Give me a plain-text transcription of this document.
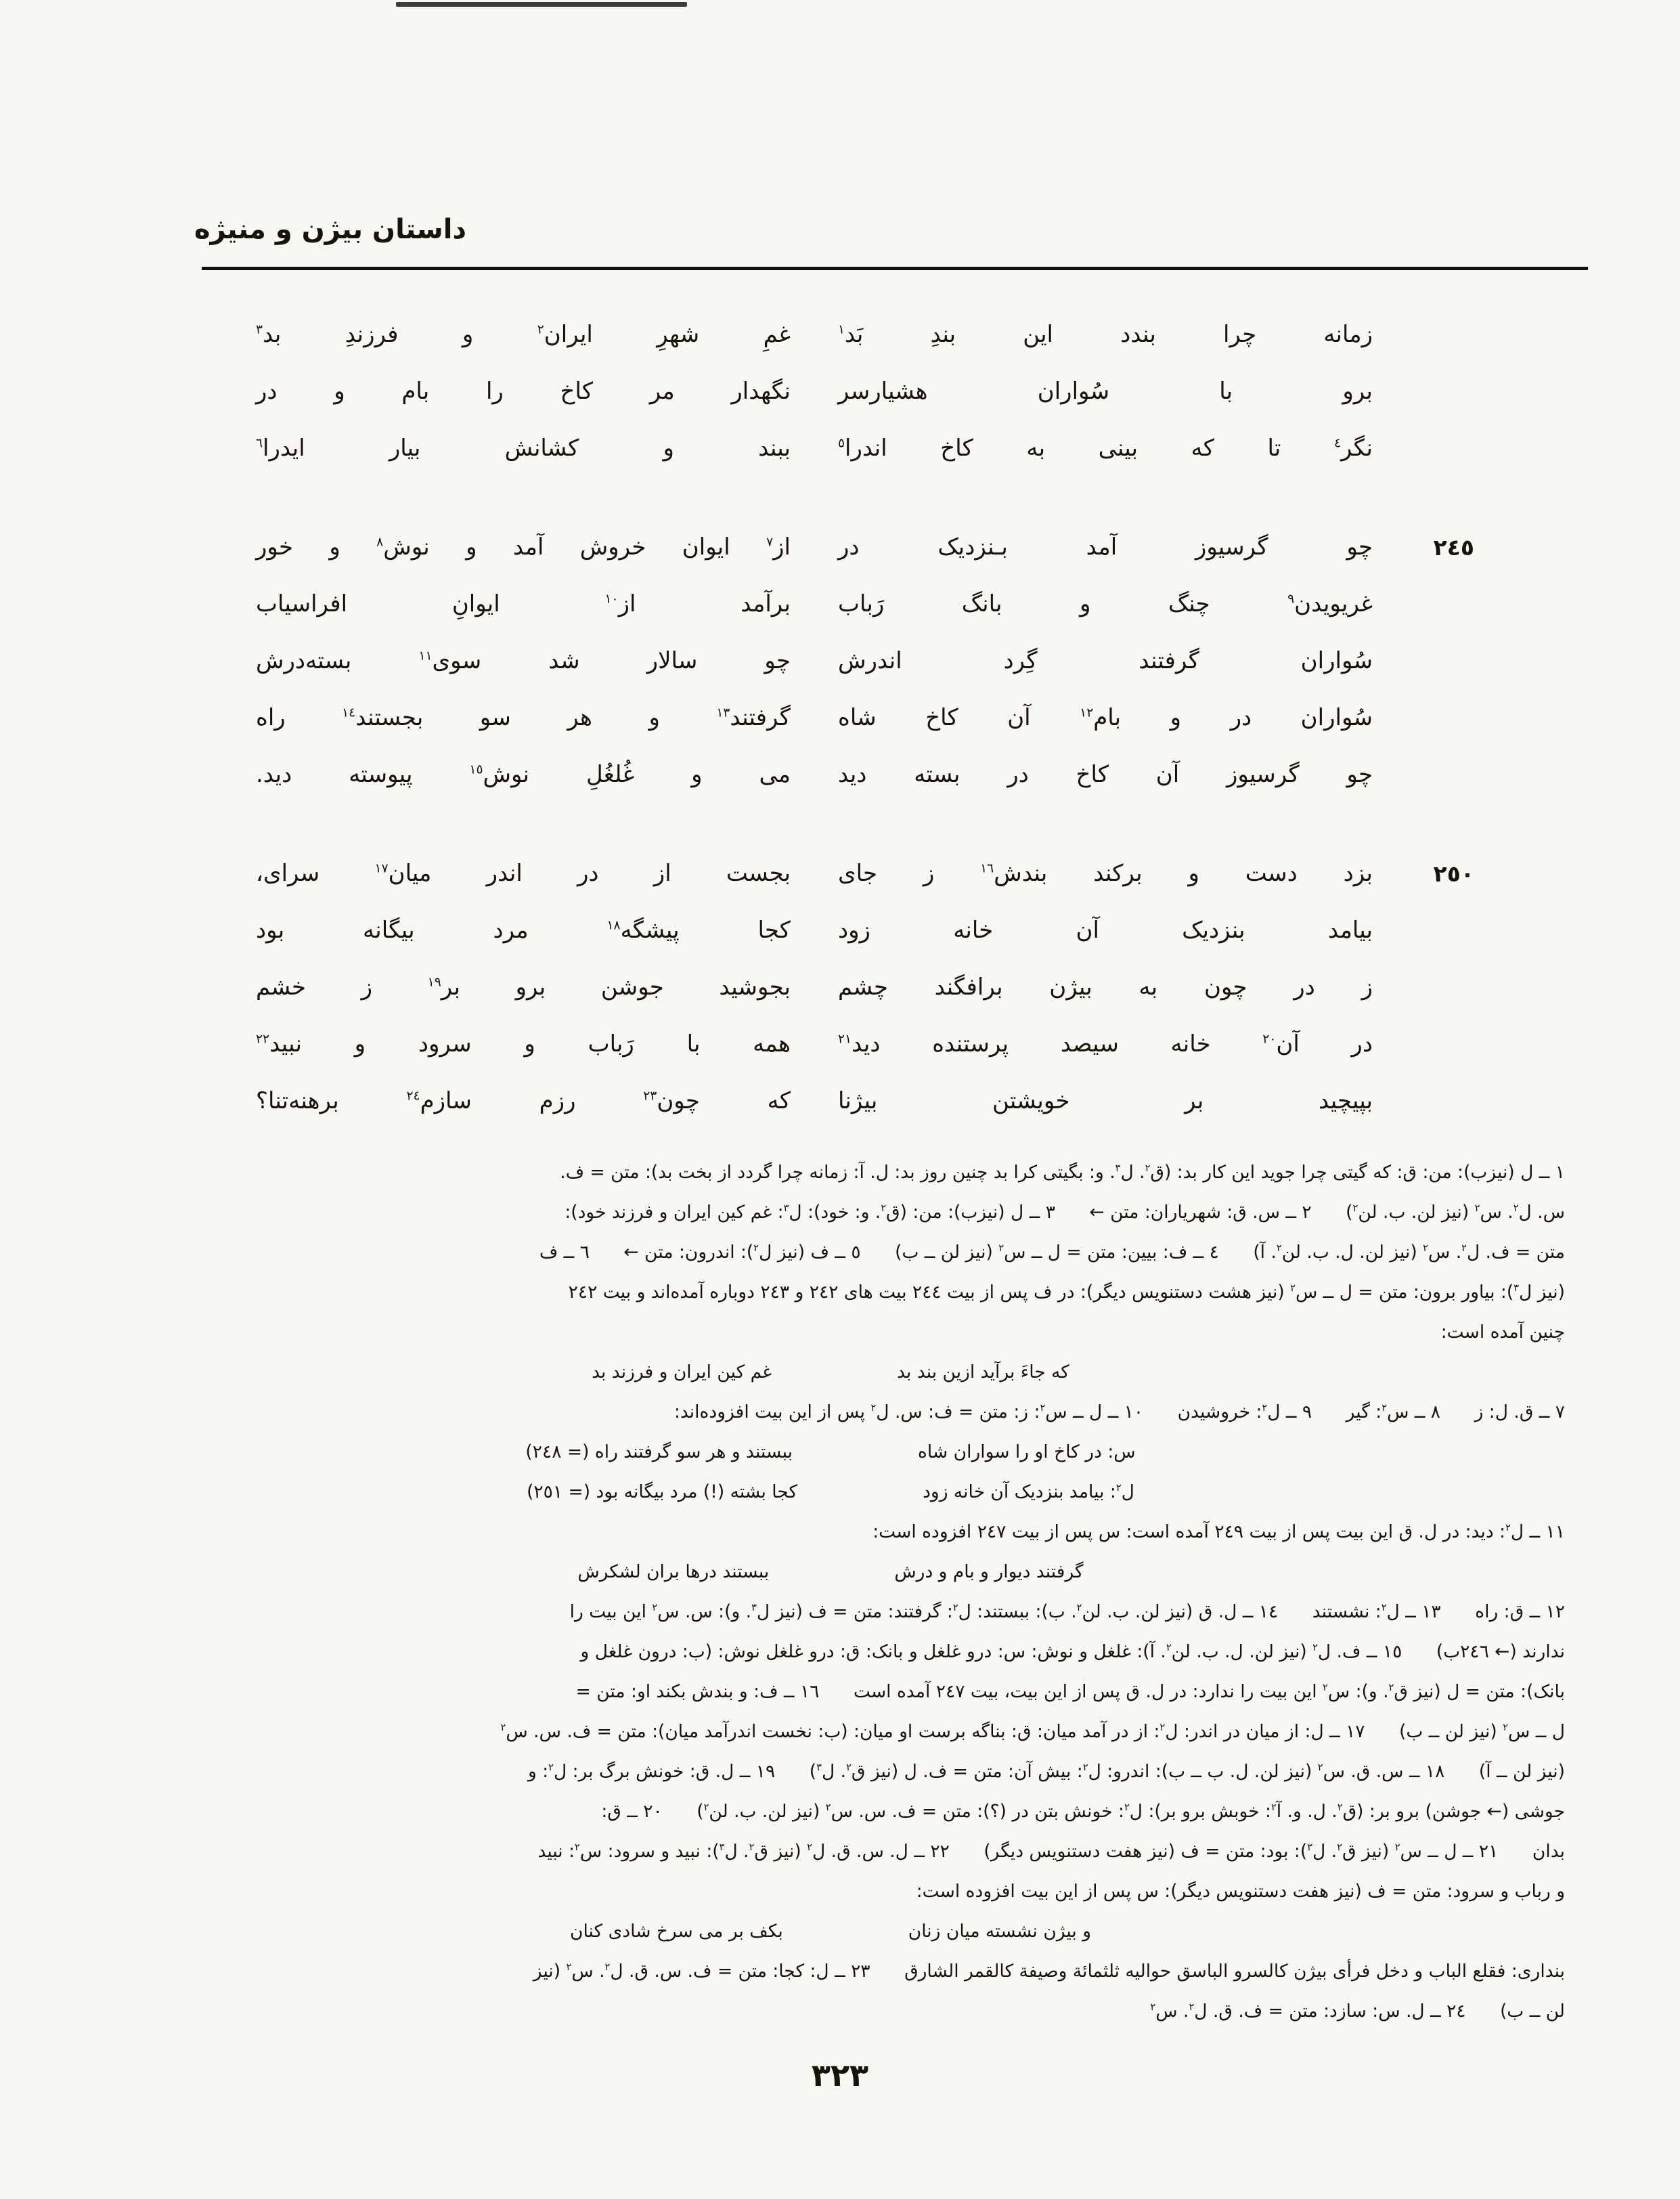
داستان بیژن و منیژه
زمانه چرا بندد این بندِ بَد$^١$
غمِ شهرِ ایران$^٢$ و فرزندِ بد$^٣$
برو با سُواران هشیارسر
نگهدار مر کاخ را بام و در
نگر$^٤$ تا که بینی به کاخ اندرا$^٥$
ببند و کشانش بیار ایدرا$^٦$
٢٤٥
چو گرسیوز آمد بـنزدیک در
از$^٧$ ایوان خروش آمد و نوش$^٨$ و خور
غریویدن$^٩$ چنگ و بانگ رَباب
برآمد از$^{١٠}$ ایوانِ افراسیاب
سُواران گرفتند گِرد اندرش
چو سالار شد سوی$^{١١}$ بسته‌درش
سُواران در و بام$^{١٢}$ آن کاخ شاه
گرفتند$^{١٣}$ و هر سو بجستند$^{١٤}$ راه
چو گرسیوز آن کاخ در بسته دید
می و غُلغُلِ نوش$^{١٥}$ پیوسته دید.
٢٥٠
بزد دست و برکند بندش$^{١٦}$ ز جای
بجست از در اندر میان$^{١٧}$ سرای،
بیامد بنزدیک آن خانه زود
کجا پیشگه$^{١٨}$ مرد بیگانه بود
ز در چون به بیژن برافگند چشم
بجوشید جوشن برو بر$^{١٩}$ ز خشم
در آن$^{٢٠}$ خانه سیصد پرستنده دید$^{٢١}$
همه با رَباب و سرود و نبید$^{٢٢}$
بپیچید بر خویشتن بیژنا
که چون$^{٢٣}$ رزم سازم$^{٢٤}$ برهنه‌تنا؟
١ ــ ل (نیزب): من: ق: که گیتی چرا جوید این کار بد: (ق$^٢$. ل$^٣$. و: بگیتی کرا بد چنین روز بد: ل. آ: زمانه چرا گردد از بخت بد): متن = ف.
س. ل$^٢$. س$^٢$ (نیز لن. ب. لن$^٢$)      ٢ ــ س. ق: شهریاران: متن ←      ٣ ــ ل (نیزب): من: (ق$^٢$. و: خود): ل$^٣$: غم کین ایران و فرزند خود):
متن = ف. ل$^٢$. س$^٢$ (نیز لن. ل. ب. لن$^٢$. آ)      ٤ ــ ف: بیین: متن = ل ــ س$^٢$ (نیز لن ــ ب)      ٥ ــ ف (نیز ل$^٢$): اندرون: متن ←      ٦ ــ ف
(نیز ل$^٣$): بیاور برون: متن = ل ــ س$^٢$ (نیز هشت دستنویس دیگر): در ف پس از بیت ٢٤٤ بیت های ٢٤٢ و ٢٤٣ دوباره آمده‌اند و بیت ٢٤٢
چنین آمده است:
که جاءَ برآید ازین بند بد
غم کین ایران و فرزند بد
٧ ــ ق. ل: ز      ٨ ــ س$^٢$: گیر      ٩ ــ ل$^٢$: خروشیدن      ١٠ ــ ل ــ س$^٢$: ز: متن = ف: س. ل$^٢$ پس از این بیت افزوده‌اند:
س: در کاخ او را سواران شاه
ببستند و هر سو گرفتند راه (= ٢٤٨)
ل$^٢$: بیامد بنزدیک آن خانه زود
کجا بشته (!) مرد بیگانه بود (= ٢٥١)
١١ ــ ل$^٢$: دید: در ل. ق این بیت پس از بیت ٢٤٩ آمده است: س پس از بیت ٢٤٧ افزوده است:
گرفتند دیوار و بام و درش
ببستند درها بران لشکرش
١٢ ــ ق: راه      ١٣ ــ ل$^٢$: نشستند      ١٤ ــ ل. ق (نیز لن. ب. لن$^٢$. ب): ببستند: ل$^٢$: گرفتند: متن = ف (نیز ل$^٣$. و): س. س$^٢$ این بیت را
ندارند (← ٢٤٦ب)      ١٥ ــ ف. ل$^٢$ (نیز لن. ل. ب. لن$^٢$. آ): غلغل و نوش: س: درو غلغل و بانک: ق: درو غلغل نوش: (ب: درون غلغل و
بانک): متن = ل (نیز ق$^٢$. و): س$^٢$ این بیت را ندارد: در ل. ق پس از این بیت، بیت ٢٤٧ آمده است      ١٦ ــ ف: و بندش بکند او: متن =
ل ــ س$^٢$ (نیز لن ــ ب)      ١٧ ــ ل: از میان در اندر: ل$^٢$: از در آمد میان: ق: بناگه برست او میان: (ب: نخست اندرآمد میان): متن = ف. س. س$^٢$
(نیز لن ــ آ)      ١٨ ــ س. ق. س$^٢$ (نیز لن. ل. ب ــ ب): اندرو: ل$^٢$: بیش آن: متن = ف. ل (نیز ق$^٢$. ل$^٣$)      ١٩ ــ ل. ق: خونش برگ بر: ل$^٢$: و
جوشی (← جوشن) برو بر: (ق$^٢$. ل. و. آ$^٢$: خوبش برو بر): ل$^٢$: خونش بتن در (؟): متن = ف. س. س$^٢$ (نیز لن. ب. لن$^٢$)      ٢٠ ــ ق:
بدان      ٢١ ــ ل ــ س$^٢$ (نیز ق$^٢$. ل$^٣$): بود: متن = ف (نیز هفت دستنویس دیگر)      ٢٢ ــ ل. س. ق. ل$^٢$ (نیز ق$^٢$. ل$^٣$): نبید و سرود: س$^٢$: نبید
و رباب و سرود: متن = ف (نیز هفت دستنویس دیگر): س پس از این بیت افزوده است:
و بیژن نشسته میان زنان
بکف بر می سرخ شادی کنان
بنداری: فقلع الباب و دخل فرأی بیژن کالسرو الباسق حوالیه ثلثمائة وصیفة کالقمر الشارق      ٢٣ ــ ل: کجا: متن = ف. س. ق. ل$^٢$. س$^٢$ (نیز
لن ــ ب)      ٢٤ ــ ل. س: سازد: متن = ف. ق. ل$^٢$. س$^٢$
٣٢٣
